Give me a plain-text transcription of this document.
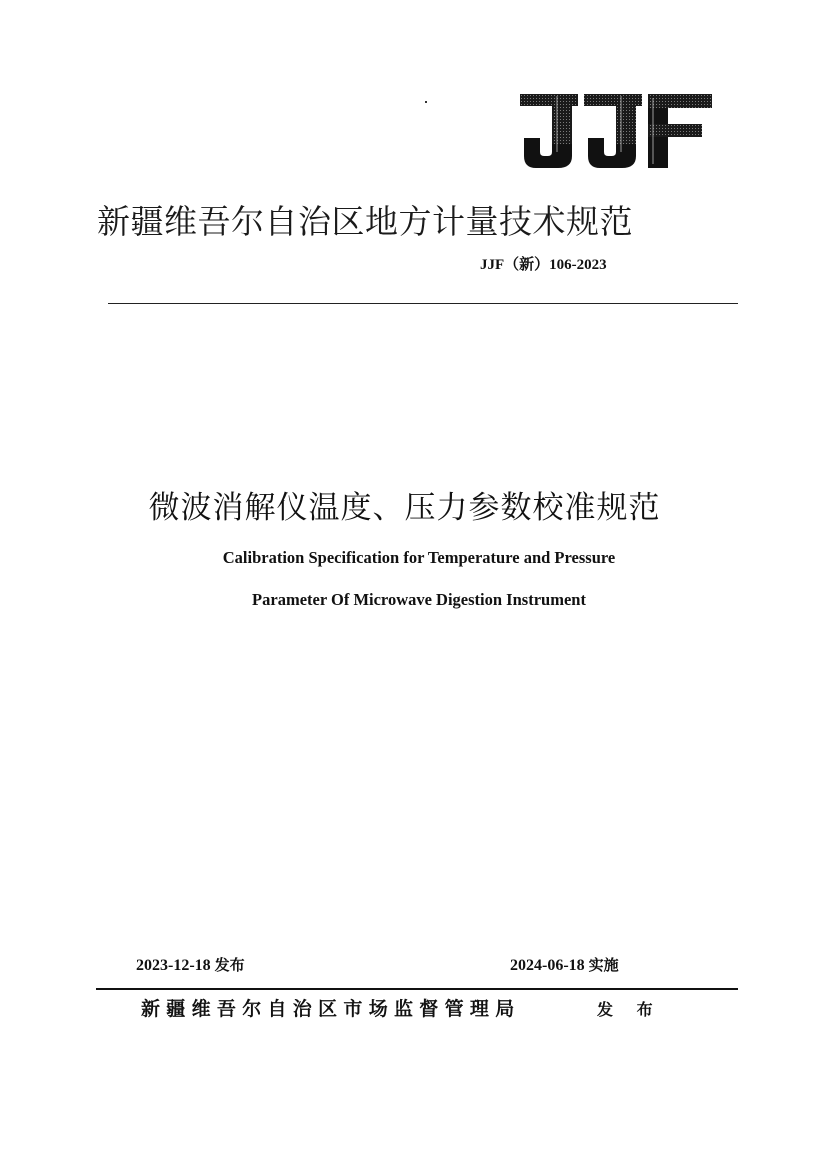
新疆维吾尔自治区地方计量技术规范
JJF（新）106-2023
微波消解仪温度、压力参数校准规范
Calibration Specification for Temperature and Pressure
Parameter Of Microwave Digestion Instrument
2023-12-18 发布	2024-06-18 实施
新疆维吾尔自治区市场监督管理局	发 布
